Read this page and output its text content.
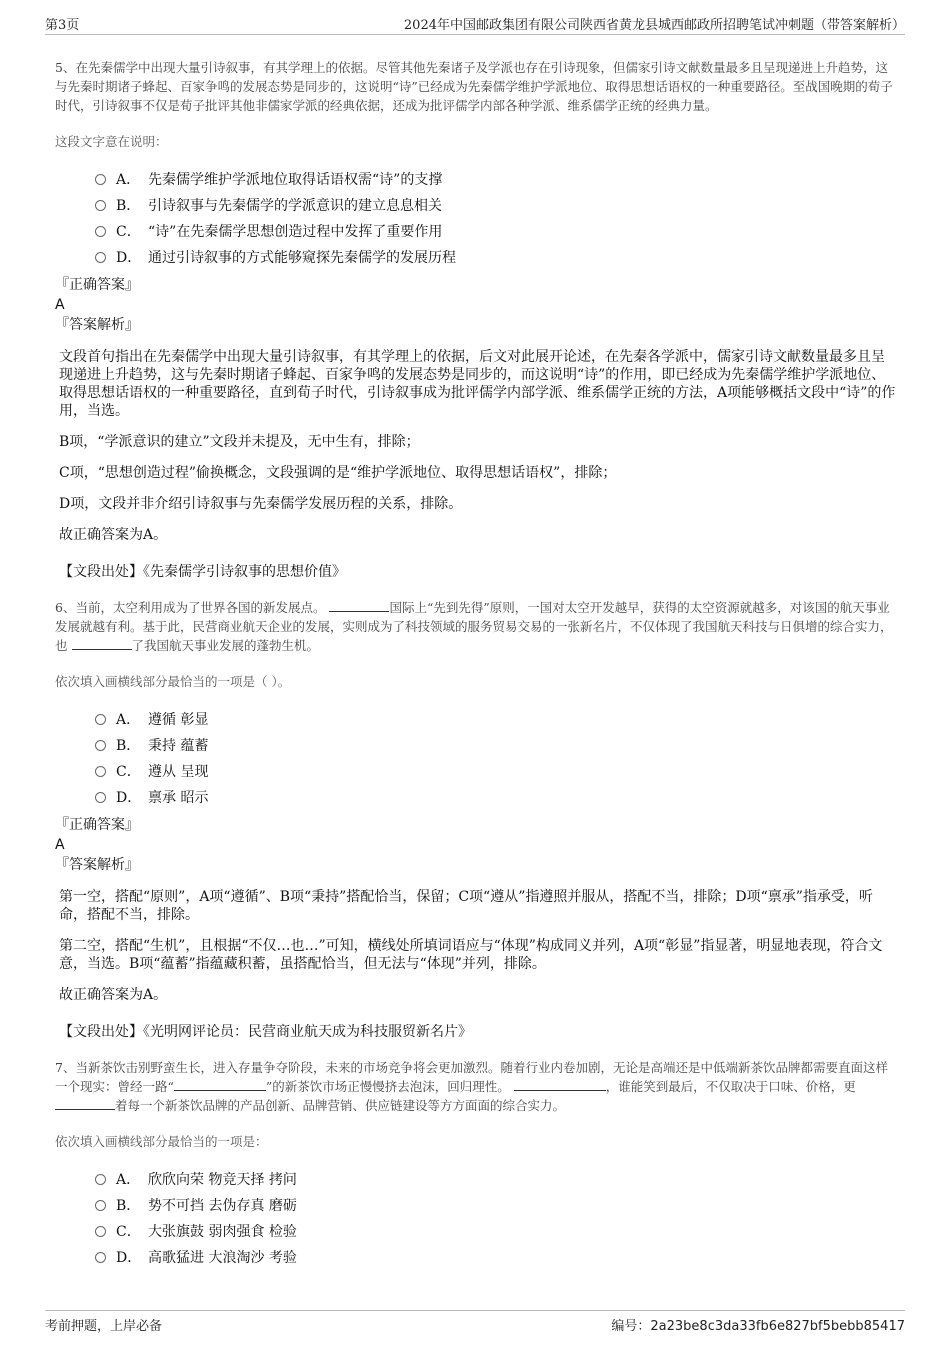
第3页	2024年中国邮政集团有限公司陕西省黄龙县城西邮政所招聘笔试冲刺题（带答案解析）

5、在先秦儒学中出现大量引诗叙事，有其学理上的依据。尽管其他先秦诸子及学派也存在引诗现象，但儒家引诗文献数量最多且呈现递进上升趋势，这与先秦时期诸子蜂起、百家争鸣的发展态势是同步的，这说明“诗”已经成为先秦儒学维护学派地位、取得思想话语权的一种重要路径。至战国晚期的荀子时代，引诗叙事不仅是荀子批评其他非儒家学派的经典依据，还成为批评儒学内部各种学派、维系儒学正统的经典力量。

这段文字意在说明：

A． 先秦儒学维护学派地位取得话语权需“诗”的支撑
B． 引诗叙事与先秦儒学的学派意识的建立息息相关
C． “诗”在先秦儒学思想创造过程中发挥了重要作用
D． 通过引诗叙事的方式能够窥探先秦儒学的发展历程

『正确答案』

A

『答案解析』

文段首句指出在先秦儒学中出现大量引诗叙事，有其学理上的依据，后文对此展开论述，在先秦各学派中，儒家引诗文献数量最多且呈现递进上升趋势，这与先秦时期诸子蜂起、百家争鸣的发展态势是同步的，而这说明“诗”的作用，即已经成为先秦儒学维护学派地位、取得思想话语权的一种重要路径，直到荀子时代，引诗叙事成为批评儒学内部学派、维系儒学正统的方法，A项能够概括文段中“诗”的作用，当选。

B项，“学派意识的建立”文段并未提及，无中生有，排除；

C项，“思想创造过程”偷换概念，文段强调的是“维护学派地位、取得思想话语权”，排除；

D项，文段并非介绍引诗叙事与先秦儒学发展历程的关系，排除。

故正确答案为A。

【文段出处】《先秦儒学引诗叙事的思想价值》

6、当前，太空利用成为了世界各国的新发展点。	国际上“先到先得”原则，一国对太空开发越早，获得的太空资源就越多，对该国的航天事业发展就越有利。基于此，民营商业航天企业的发展，实则成为了科技领域的服务贸易交易的一张新名片，不仅体现了我国航天科技与日俱增的综合实力，也	了我国航天事业发展的蓬勃生机。

依次填入画横线部分最恰当的一项是（ ）。

A． 遵循 彰显
B． 秉持 蕴蓄
C． 遵从 呈现
D． 禀承 昭示

『正确答案』

A

『答案解析』

第一空，搭配“原则”，A项“遵循”、B项“秉持”搭配恰当，保留；C项“遵从”指遵照并服从，搭配不当，排除；D项“禀承”指承受，听命，搭配不当，排除。

第二空，搭配“生机”，且根据“不仅…也…”可知，横线处所填词语应与“体现”构成同义并列，A项“彰显”指显著，明显地表现，符合文意，当选。B项“蕴蓄”指蕴藏积蓄，虽搭配恰当，但无法与“体现”并列，排除。

故正确答案为A。

【文段出处】《光明网评论员：民营商业航天成为科技服贸新名片》

7、当新茶饮击别野蛮生长，进入存量争夺阶段，未来的市场竞争将会更加激烈。随着行业内卷加剧，无论是高端还是中低端新茶饮品牌都需要直面这样一个现实：曾经一路“	”的新茶饮市场正慢慢挤去泡沫，回归理性。	，谁能笑到最后，不仅取决于口味、价格，更 着每一个新茶饮品牌的产品创新、品牌营销、供应链建设等方方面面的综合实力。

依次填入画横线部分最恰当的一项是：

A． 欣欣向荣 物竞天择 拷问
B． 势不可挡 去伪存真 磨砺
C． 大张旗鼓 弱肉强食 检验
D． 高歌猛进 大浪淘沙 考验
考前押题，上岸必备	编号：2a23be8c3da33fb6e827bf5bebb85417
